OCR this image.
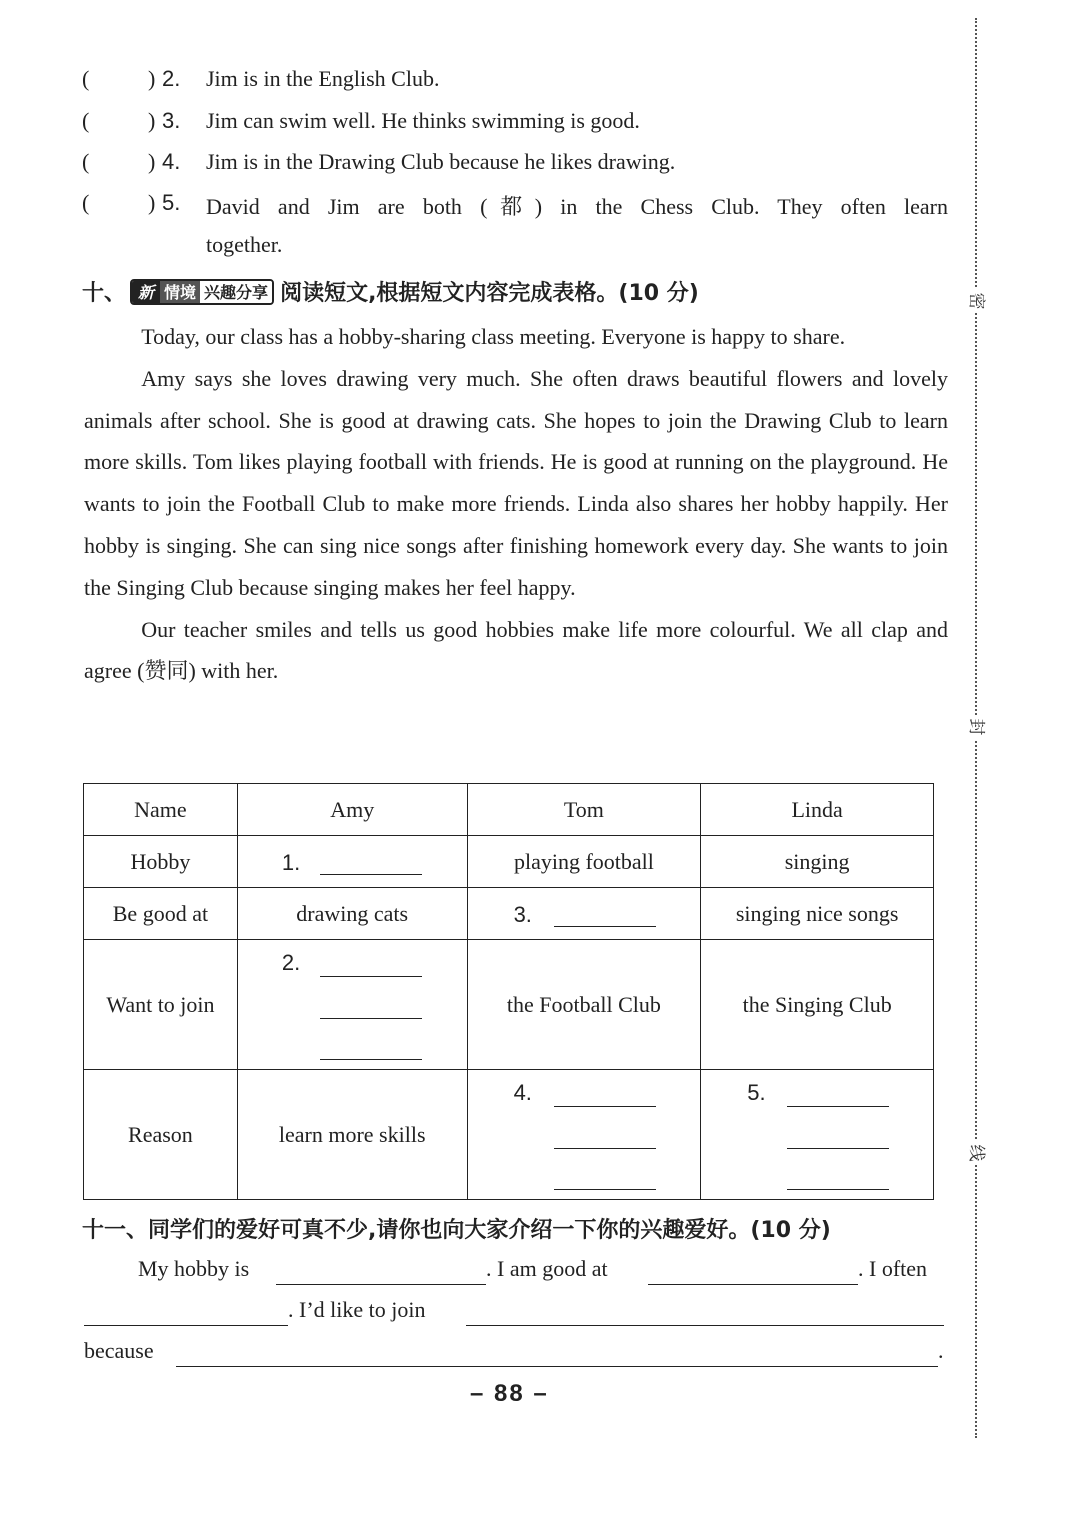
(	) 2. Jim is in the English Club.
(	) 3. Jim can swim well. He thinks swimming is good.
(	) 4. Jim is in the Drawing Club because he likes drawing.
(	) 5. David and Jim are both (都) in the Chess Club. They often learn
together.
十、 新 情境 兴趣分享 阅读短文,根据短文内容完成表格。(10 分)

Today, our class has a hobby-sharing class meeting. Everyone is happy to share.

Amy says she loves drawing very much. She often draws beautiful flowers and lovely animals after school. She is good at drawing cats. She hopes to join the Drawing Club to learn more skills. Tom likes playing football with friends. He is good at running on the playground. He wants to join the Football Club to make more friends. Linda also shares her hobby happily. Her hobby is singing. She can sing nice songs after finishing homework every day. She wants to join the Singing Club because singing makes her feel happy.

Our teacher smiles and tells us good hobbies make life more colourful. We all clap and agree (赞同) with her.

Name	Amy	Tom	Linda
Hobby	1.	playing football	singing
Be good at	drawing cats	3.	singing nice songs
Want to join	2.	the Football Club	the Singing Club
Reason	learn more skills	4.	5.
十一、同学们的爱好可真不少,请你也向大家介绍一下你的兴趣爱好。(10 分)
My hobby is	. I am good at	. I often
. I’d like to join
because	.
– 88 –
密
封
线
